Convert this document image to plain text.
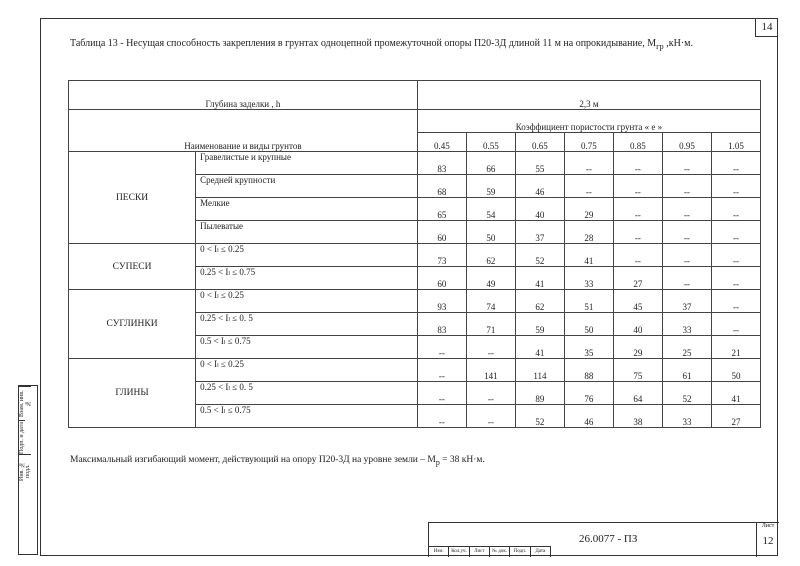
14
Таблица 13 - Несущая способность закрепления в грунтах одноцепной промежуточной опоры П20-3Д длиной 11 м на опрокидывание, $М_{гр}$ ,кН·м.
Глубина заделки , h		2,3 м						
Наименование и виды грунтов		Коэффициент пористости грунта « е »						
		0.45	0.55	0.65	0.75	0.85	0.95	1.05
ПЕСКИ	Гравелистые и крупные	83	66	55	--	--	--	--
	Средней крупности	68	59	46	--	--	--	--
	Мелкие	65	54	40	29	--	--	--
	Пылеватые	60	50	37	28	--	--	--
СУПЕСИ	0 < Iₗ ≤ 0.25	73	62	52	41	--	--	--
	0.25 < Iₗ ≤ 0.75	60	49	41	33	27	--	--
СУГЛИНКИ	0 < Iₗ ≤ 0.25	93	74	62	51	45	37	--
	0.25 < Iₗ ≤ 0. 5	83	71	59	50	40	33	--
	0.5 < Iₗ ≤ 0.75	--	--	41	35	29	25	21
ГЛИНЫ	0 < Iₗ ≤ 0.25	--	141	114	88	75	61	50
	0.25 < Iₗ ≤ 0. 5	--	--	89	76	64	52	41
	0.5 < Iₗ ≤ 0.75	--	--	52	46	38	33	27
Максимальный изгибающий момент, действующий на опору П20-3Д на уровне земли – $М_р = 38$ кН·м.
Взам. инв. №
Подп. и дата
Инв. № подл.
Изм.	Кол.уч.	Лист	№ док.	Подп.	Дата
26.0077 - ПЗ
Лист
12
